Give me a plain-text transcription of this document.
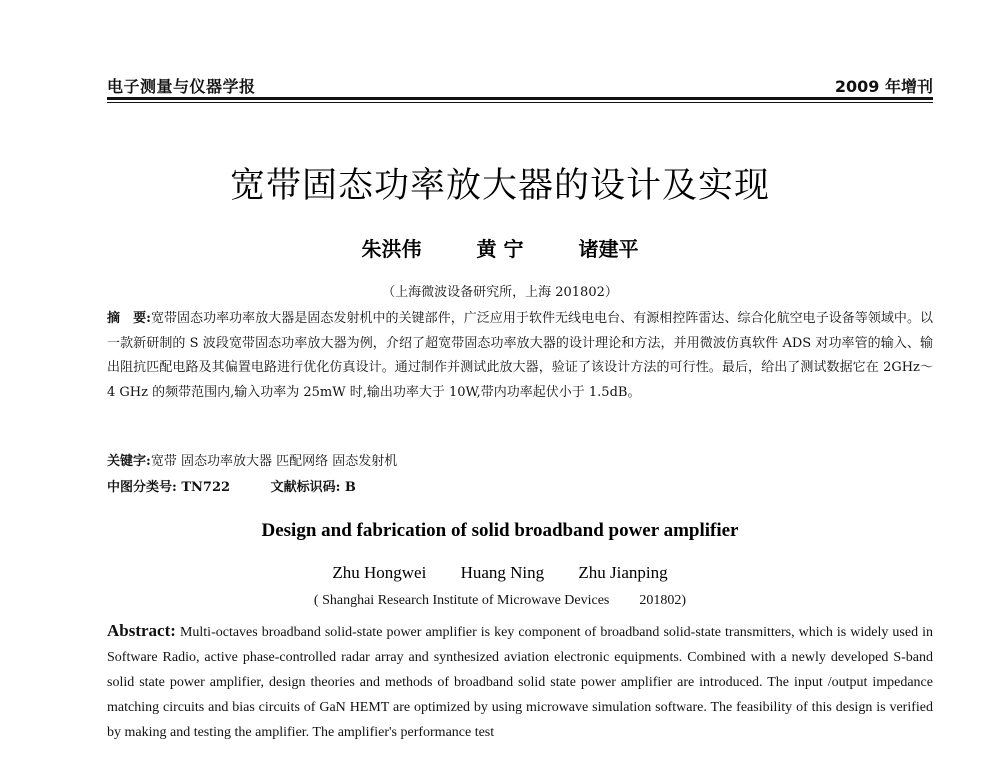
电子测量与仪器学报	2009 年增刊
宽带固态功率放大器的设计及实现
朱洪伟	黄 宁	诸建平
（上海微波设备研究所，上海 201802）
摘　要:宽带固态功率功率放大器是固态发射机中的关键部件，广泛应用于软件无线电电台、有源相控阵雷达、综合化航空电子设备等领域中。以一款新研制的 S 波段宽带固态功率放大器为例，介绍了超宽带固态功率放大器的设计理论和方法，并用微波仿真软件 ADS 对功率管的输入、输出阻抗匹配电路及其偏置电路进行优化仿真设计。通过制作并测试此放大器，验证了该设计方法的可行性。最后，给出了测试数据它在 2GHz～4 GHz 的频带范围内,输入功率为 25mW 时,输出功率大于 10W,带内功率起伏小于 1.5dB。
关键字:宽带 固态功率放大器 匹配网络 固态发射机
中图分类号: TN722	文献标识码: B
Design and fabrication of solid broadband power amplifier
Zhu Hongwei Huang Ning Zhu Jianping
( Shanghai Research Institute of Microwave Devices 201802)
Abstract: Multi-octaves broadband solid-state power amplifier is key component of broadband solid-state transmitters, which is widely used in Software Radio, active phase-controlled radar array and synthesized aviation electronic equipments. Combined with a newly developed S-band solid state power amplifier, design theories and methods of broadband solid state power amplifier are introduced. The input /output impedance matching circuits and bias circuits of GaN HEMT are optimized by using microwave simulation software. The feasibility of this design is verified by making and testing the amplifier. The amplifier's performance test
